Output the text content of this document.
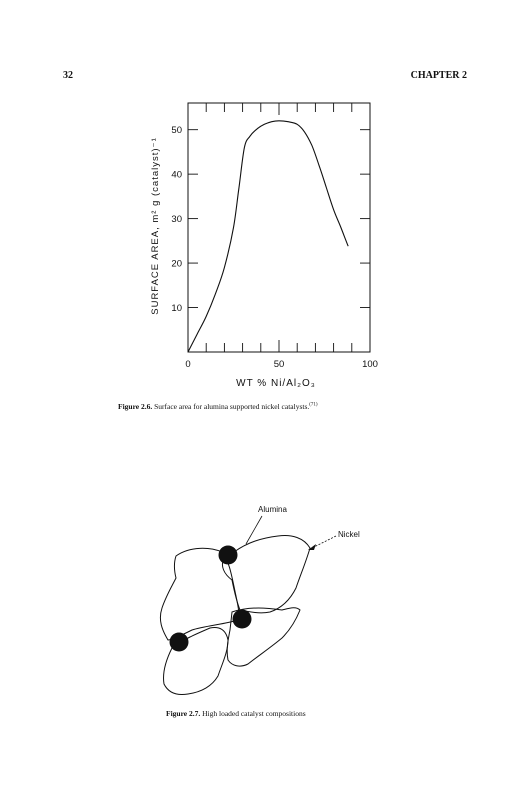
32	CHAPTER 2
0	50	100
10
20
30
40
50
WT % Ni/Al₂O₃
SURFACE AREA, m² g (catalyst)⁻¹
Figure 2.6. Surface area for alumina supported nickel catalysts.$^{(71)}$
Alumina
Nickel
Figure 2.7. High loaded catalyst compositions
